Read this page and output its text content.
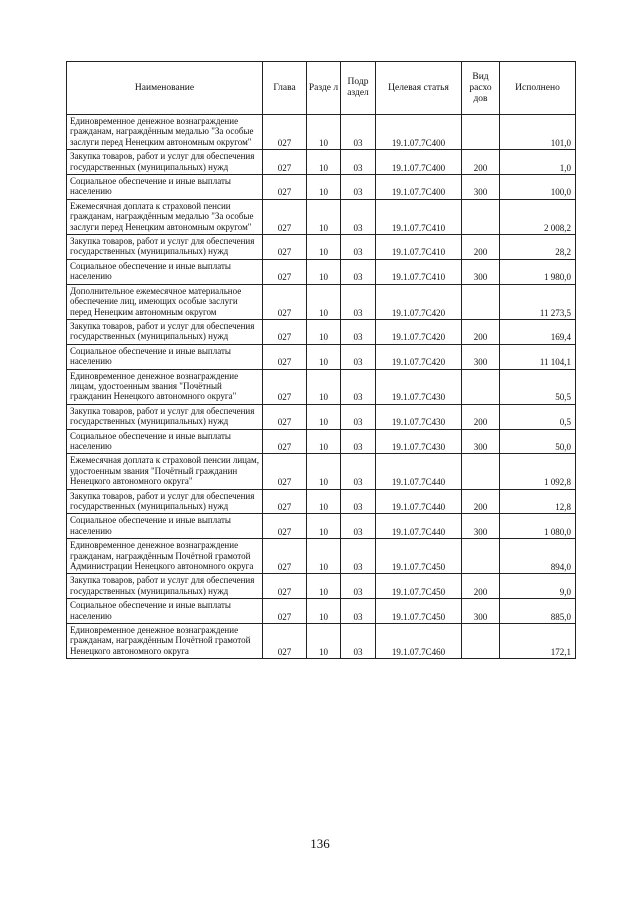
Наименование	Глава	Разде л	Подр аздел	Целевая статья	Вид расхо дов	Исполнено
Единовременное денежное вознаграждение гражданам, награждённым медалью "За особые заслуги перед Ненецким автономным округом"	027	10	03	19.1.07.7С400		101,0
Закупка товаров, работ и услуг для обеспечения государственных (муниципальных) нужд	027	10	03	19.1.07.7С400	200	1,0
Социальное обеспечение и иные выплаты населению	027	10	03	19.1.07.7С400	300	100,0
Ежемесячная доплата к страховой пенсии гражданам, награждённым медалью "За особые заслуги перед Ненецким автономным округом"	027	10	03	19.1.07.7С410		2 008,2
Закупка товаров, работ и услуг для обеспечения государственных (муниципальных) нужд	027	10	03	19.1.07.7С410	200	28,2
Социальное обеспечение и иные выплаты населению	027	10	03	19.1.07.7С410	300	1 980,0
Дополнительное ежемесячное материальное обеспечение лиц, имеющих особые заслуги перед Ненецким автономным округом	027	10	03	19.1.07.7С420		11 273,5
Закупка товаров, работ и услуг для обеспечения государственных (муниципальных) нужд	027	10	03	19.1.07.7С420	200	169,4
Социальное обеспечение и иные выплаты населению	027	10	03	19.1.07.7С420	300	11 104,1
Единовременное денежное вознаграждение лицам, удостоенным звания "Почётный гражданин Ненецкого автономного округа"	027	10	03	19.1.07.7С430		50,5
Закупка товаров, работ и услуг для обеспечения государственных (муниципальных) нужд	027	10	03	19.1.07.7С430	200	0,5
Социальное обеспечение и иные выплаты населению	027	10	03	19.1.07.7С430	300	50,0
Ежемесячная доплата к страховой пенсии лицам, удостоенным звания "Почётный гражданин Ненецкого автономного округа"	027	10	03	19.1.07.7С440		1 092,8
Закупка товаров, работ и услуг для обеспечения государственных (муниципальных) нужд	027	10	03	19.1.07.7С440	200	12,8
Социальное обеспечение и иные выплаты населению	027	10	03	19.1.07.7С440	300	1 080,0
Единовременное денежное вознаграждение гражданам, награждённым Почётной грамотой Администрации Ненецкого автономного округа	027	10	03	19.1.07.7С450		894,0
Закупка товаров, работ и услуг для обеспечения государственных (муниципальных) нужд	027	10	03	19.1.07.7С450	200	9,0
Социальное обеспечение и иные выплаты населению	027	10	03	19.1.07.7С450	300	885,0
Единовременное денежное вознаграждение гражданам, награждённым Почётной грамотой Ненецкого автономного округа	027	10	03	19.1.07.7С460		172,1
136
